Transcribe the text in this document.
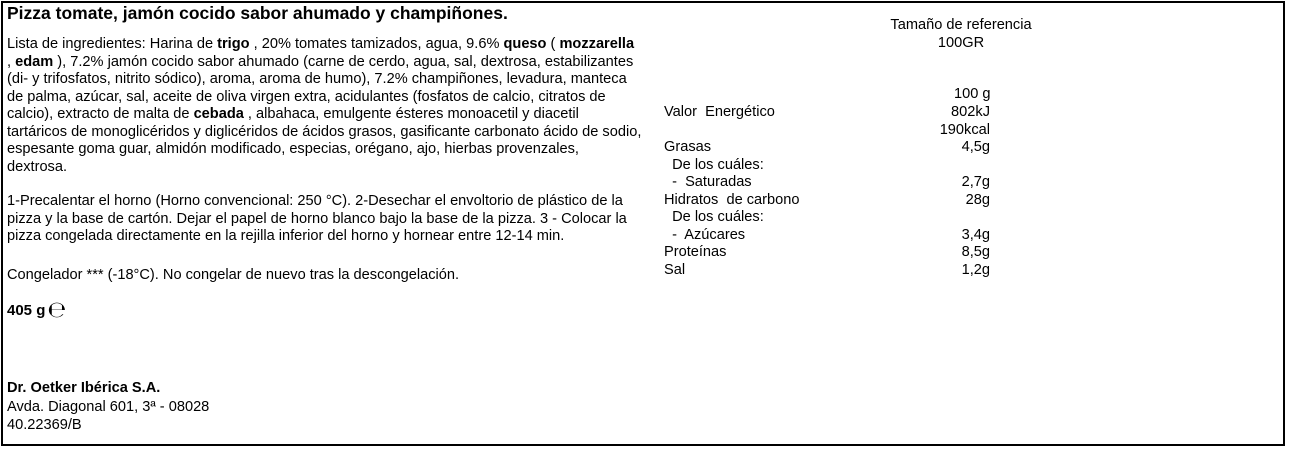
Pizza tomate, jamón cocido sabor ahumado y champiñones.

Lista de ingredientes: Harina de trigo , 20% tomates tamizados, agua, 9.6% queso ( mozzarella , edam ), 7.2% jamón cocido sabor ahumado (carne de cerdo, agua, sal, dextrosa, estabilizantes (di- y trifosfatos, nitrito sódico), aroma, aroma de humo), 7.2% champiñones, levadura, manteca de palma, azúcar, sal, aceite de oliva virgen extra, acidulantes (fosfatos de calcio, citratos de calcio), extracto de malta de cebada , albahaca, emulgente ésteres monoacetil y diacetil tartáricos de monoglicéridos y diglicéridos de ácidos grasos, gasificante carbonato ácido de sodio, espesante goma guar, almidón modificado, especias, orégano, ajo, hierbas provenzales, dextrosa.

1-Precalentar el horno (Horno convencional: 250 °C). 2-Desechar el envoltorio de plástico de la pizza y la base de cartón. Dejar el papel de horno blanco bajo la base de la pizza. 3 - Colocar la pizza congelada directamente en la rejilla inferior del horno y hornear entre 12-14 min.

Congelador *** (-18°C). No congelar de nuevo tras la descongelación.

405 g ℮

Dr. Oetker Ibérica S.A.
Avda. Diagonal 601, 3ª - 08028
40.22369/B
Tamaño de referencia
100GR
100 g
Valor  Energético	802kJ
190kcal
Grasas	4,5g
De los cuáles:
-  Saturadas	2,7g
Hidratos  de carbono	28g
De los cuáles:
-  Azúcares	3,4g
Proteínas	8,5g
Sal	1,2g
